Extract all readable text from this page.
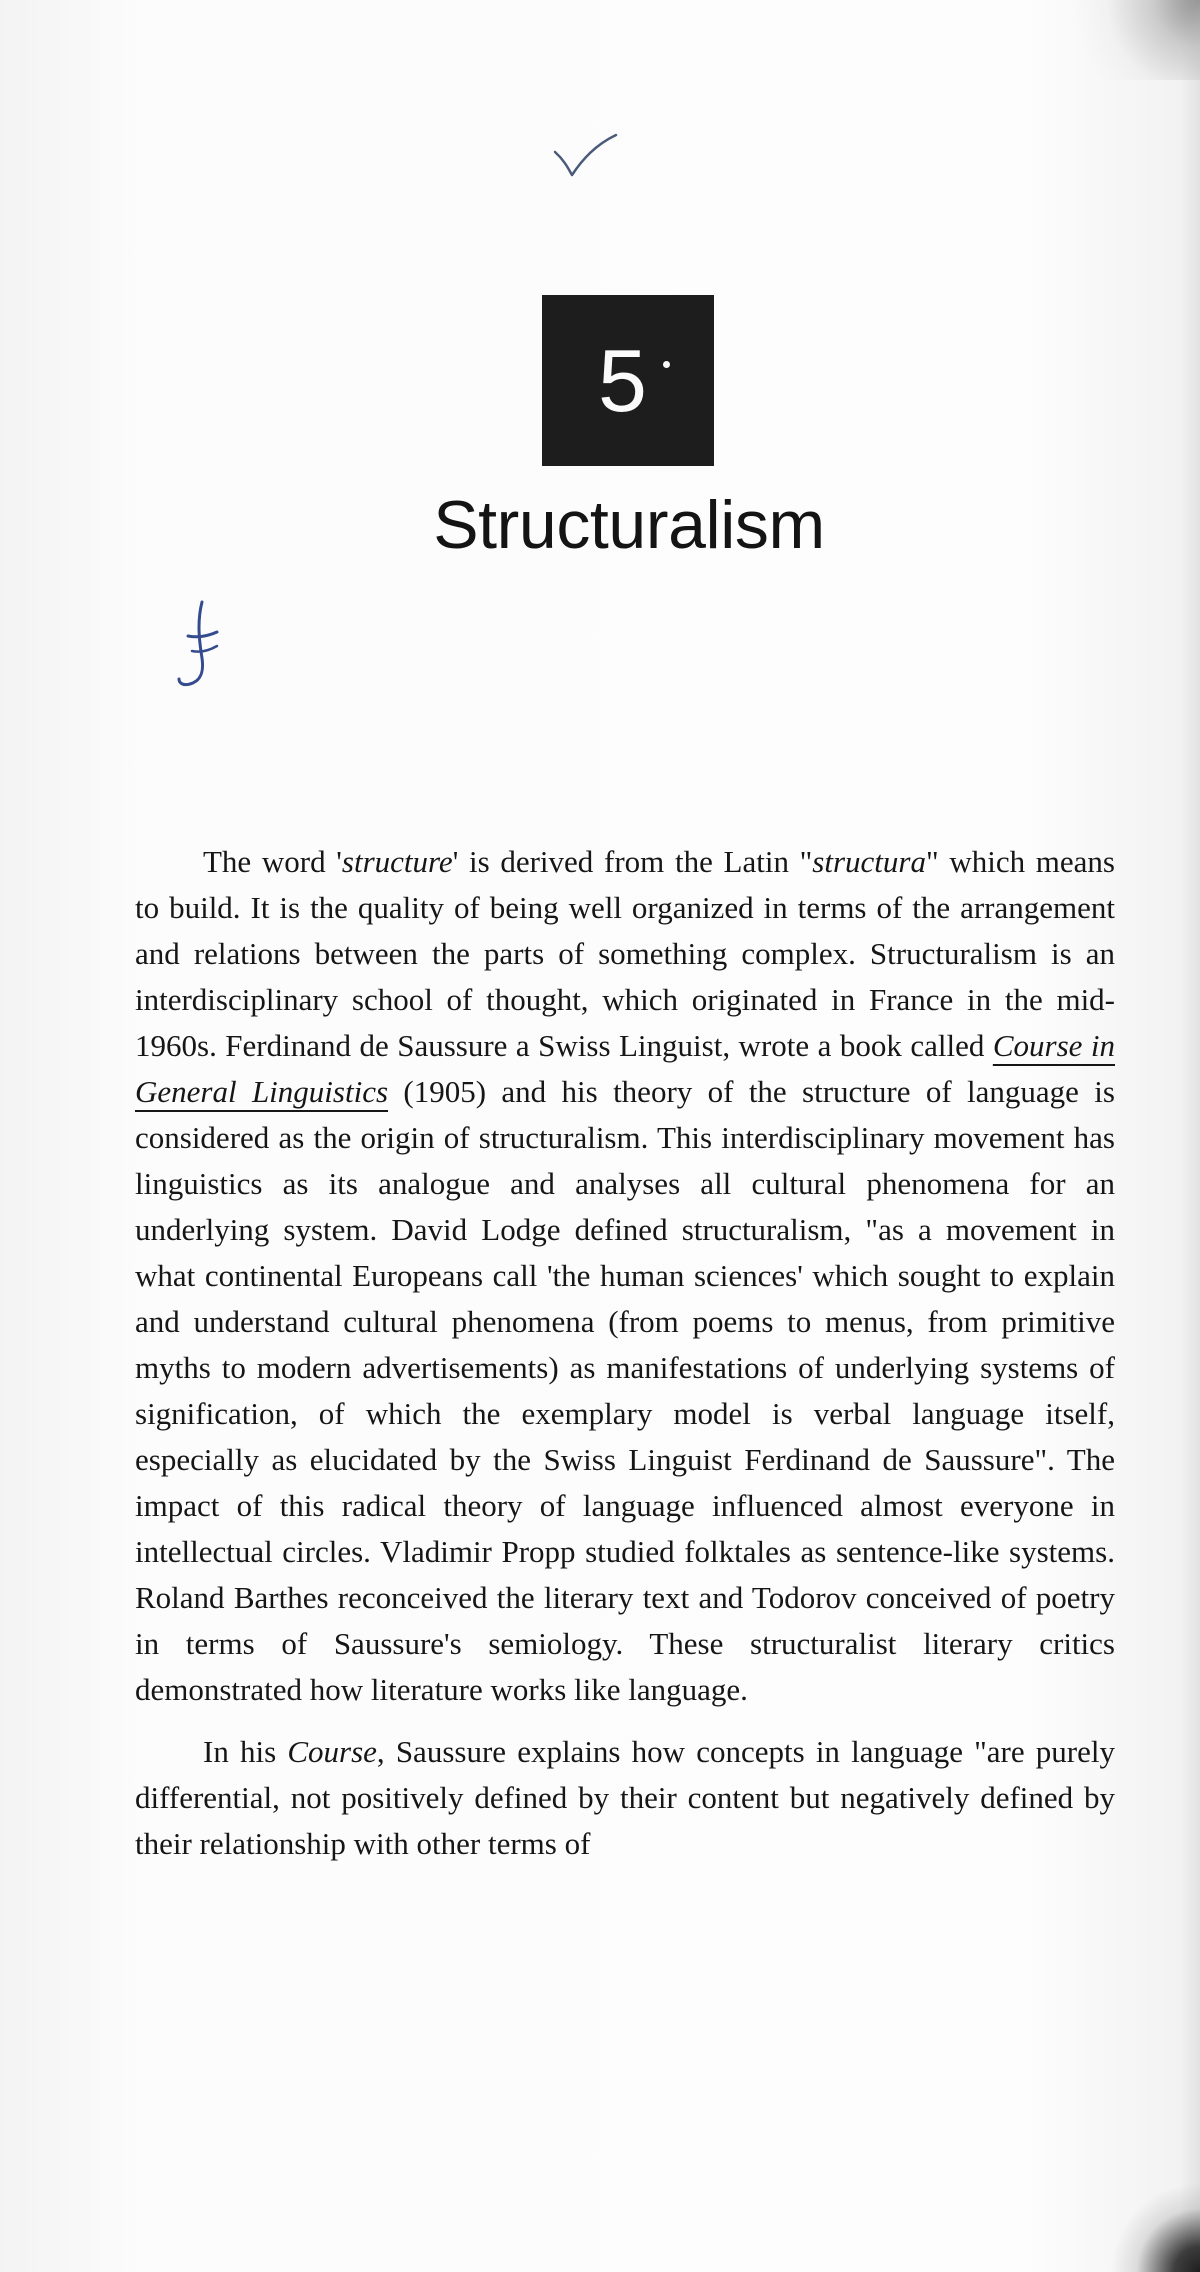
5
Structuralism

The word 'structure' is derived from the Latin "structura" which means to build. It is the quality of being well organized in terms of the arrangement and relations between the parts of something complex. Structuralism is an interdisciplinary school of thought, which originated in France in the mid-1960s. Ferdinand de Saussure a Swiss Linguist, wrote a book called Course in General Linguistics (1905) and his theory of the structure of language is considered as the origin of structuralism. This interdisciplinary movement has linguistics as its analogue and analyses all cultural phenomena for an underlying system. David Lodge defined structuralism, "as a movement in what continental Europeans call 'the human sciences' which sought to explain and understand cultural phenomena (from poems to menus, from primitive myths to modern advertisements) as manifestations of underlying systems of signification, of which the exemplary model is verbal language itself, especially as elucidated by the Swiss Linguist Ferdinand de Saussure". The impact of this radical theory of language influenced almost everyone in intellectual circles. Vladimir Propp studied folktales as sentence-like systems. Roland Barthes reconceived the literary text and Todorov conceived of poetry in terms of Saussure's semiology. These structuralist literary critics demonstrated how literature works like language.

In his Course, Saussure explains how concepts in language "are purely differential, not positively defined by their content but negatively defined by their relationship with other terms of
